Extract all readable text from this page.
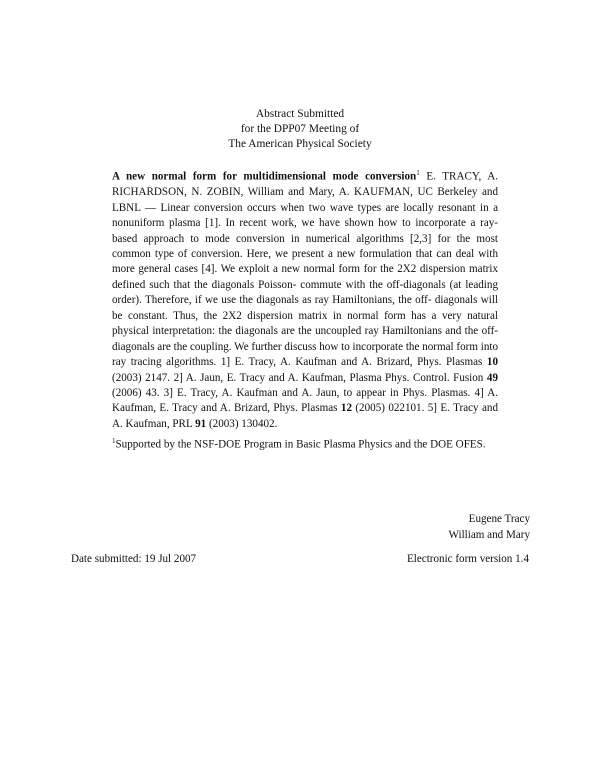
Abstract Submitted
for the DPP07 Meeting of
The American Physical Society
A new normal form for multidimensional mode conversion$^1$ E. TRACY, A. RICHARDSON, N. ZOBIN, William and Mary, A. KAUFMAN, UC Berkeley and LBNL — Linear conversion occurs when two wave types are locally resonant in a nonuniform plasma [1]. In recent work, we have shown how to incorporate a ray-based approach to mode conversion in numerical algorithms [2,3] for the most common type of conversion. Here, we present a new formulation that can deal with more general cases [4]. We exploit a new normal form for the 2X2 dispersion matrix defined such that the diagonals Poisson- commute with the off-diagonals (at leading order). Therefore, if we use the diagonals as ray Hamiltonians, the off- diagonals will be constant. Thus, the 2X2 dispersion matrix in normal form has a very natural physical interpretation: the diagonals are the uncoupled ray Hamiltonians and the off-diagonals are the coupling. We further discuss how to incorporate the normal form into ray tracing algorithms. 1] E. Tracy, A. Kaufman and A. Brizard, Phys. Plasmas 10 (2003) 2147. 2] A. Jaun, E. Tracy and A. Kaufman, Plasma Phys. Control. Fusion 49 (2006) 43. 3] E. Tracy, A. Kaufman and A. Jaun, to appear in Phys. Plasmas. 4] A. Kaufman, E. Tracy and A. Brizard, Phys. Plasmas 12 (2005) 022101. 5] E. Tracy and A. Kaufman, PRL 91 (2003) 130402.
$^1$Supported by the NSF-DOE Program in Basic Plasma Physics and the DOE OFES.
Eugene Tracy
William and Mary
Date submitted: 19 Jul 2007	Electronic form version 1.4
